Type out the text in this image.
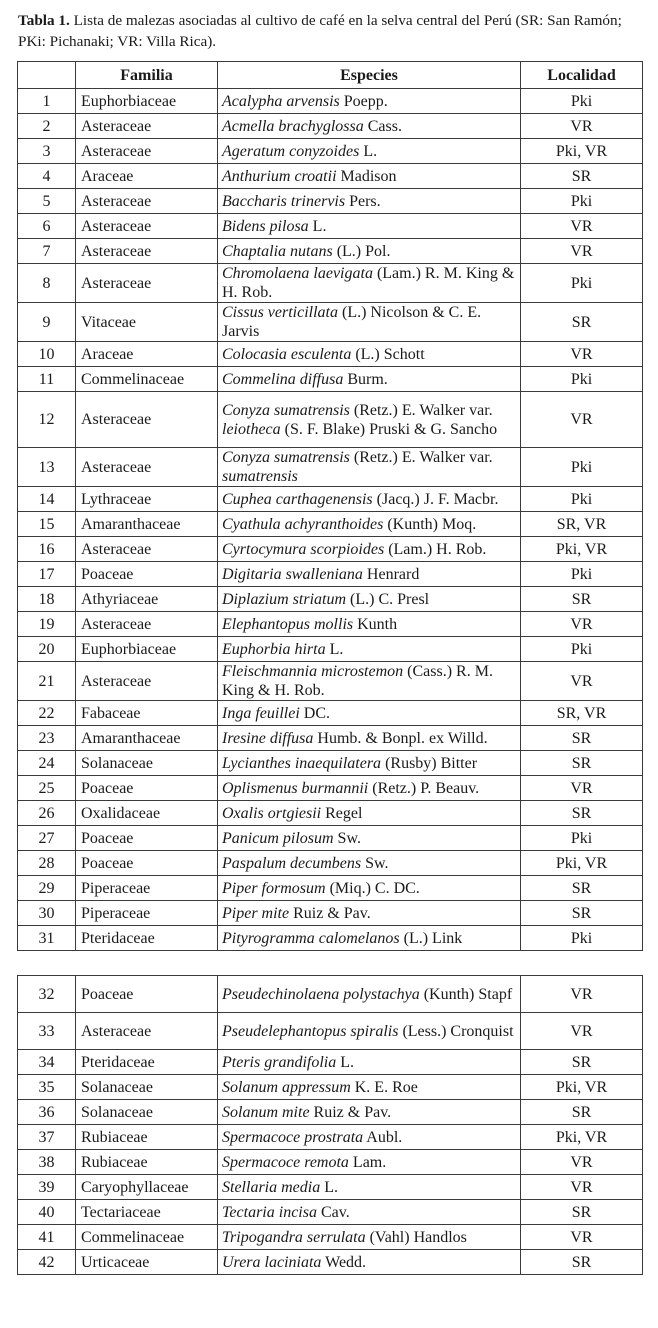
Tabla 1. Lista de malezas asociadas al cultivo de café en la selva central del Perú (SR: San Ramón; PKi: Pichanaki; VR: Villa Rica).
	Familia	Especies	Localidad
1	Euphorbiaceae	Acalypha arvensis Poepp.	Pki
2	Asteraceae	Acmella brachyglossa Cass.	VR
3	Asteraceae	Ageratum conyzoides L.	Pki, VR
4	Araceae	Anthurium croatii Madison	SR
5	Asteraceae	Baccharis trinervis Pers.	Pki
6	Asteraceae	Bidens pilosa L.	VR
7	Asteraceae	Chaptalia nutans (L.) Pol.	VR
8	Asteraceae	Chromolaena laevigata (Lam.) R. M. King & H. Rob.	Pki
9	Vitaceae	Cissus verticillata (L.) Nicolson & C. E. Jarvis	SR
10	Araceae	Colocasia esculenta (L.) Schott	VR
11	Commelinaceae	Commelina diffusa Burm.	Pki
12	Asteraceae	Conyza sumatrensis (Retz.) E. Walker var. leiotheca (S. F. Blake) Pruski & G. Sancho	VR
13	Asteraceae	Conyza sumatrensis (Retz.) E. Walker var. sumatrensis	Pki
14	Lythraceae	Cuphea carthagenensis (Jacq.) J. F. Macbr.	Pki
15	Amaranthaceae	Cyathula achyranthoides (Kunth) Moq.	SR, VR
16	Asteraceae	Cyrtocymura scorpioides (Lam.) H. Rob.	Pki, VR
17	Poaceae	Digitaria swalleniana Henrard	Pki
18	Athyriaceae	Diplazium striatum (L.) C. Presl	SR
19	Asteraceae	Elephantopus mollis Kunth	VR
20	Euphorbiaceae	Euphorbia hirta L.	Pki
21	Asteraceae	Fleischmannia microstemon (Cass.) R. M. King & H. Rob.	VR
22	Fabaceae	Inga feuillei DC.	SR, VR
23	Amaranthaceae	Iresine diffusa Humb. & Bonpl. ex Willd.	SR
24	Solanaceae	Lycianthes inaequilatera (Rusby) Bitter	SR
25	Poaceae	Oplismenus burmannii (Retz.) P. Beauv.	VR
26	Oxalidaceae	Oxalis ortgiesii Regel	SR
27	Poaceae	Panicum pilosum Sw.	Pki
28	Poaceae	Paspalum decumbens Sw.	Pki, VR
29	Piperaceae	Piper formosum (Miq.) C. DC.	SR
30	Piperaceae	Piper mite Ruiz & Pav.	SR
31	Pteridaceae	Pityrogramma calomelanos (L.) Link	Pki
32	Poaceae	Pseudechinolaena polystachya (Kunth) Stapf	VR
33	Asteraceae	Pseudelephantopus spiralis (Less.) Cronquist	VR
34	Pteridaceae	Pteris grandifolia L.	SR
35	Solanaceae	Solanum appressum K. E. Roe	Pki, VR
36	Solanaceae	Solanum mite Ruiz & Pav.	SR
37	Rubiaceae	Spermacoce prostrata Aubl.	Pki, VR
38	Rubiaceae	Spermacoce remota Lam.	VR
39	Caryophyllaceae	Stellaria media L.	VR
40	Tectariaceae	Tectaria incisa Cav.	SR
41	Commelinaceae	Tripogandra serrulata (Vahl) Handlos	VR
42	Urticaceae	Urera laciniata Wedd.	SR
